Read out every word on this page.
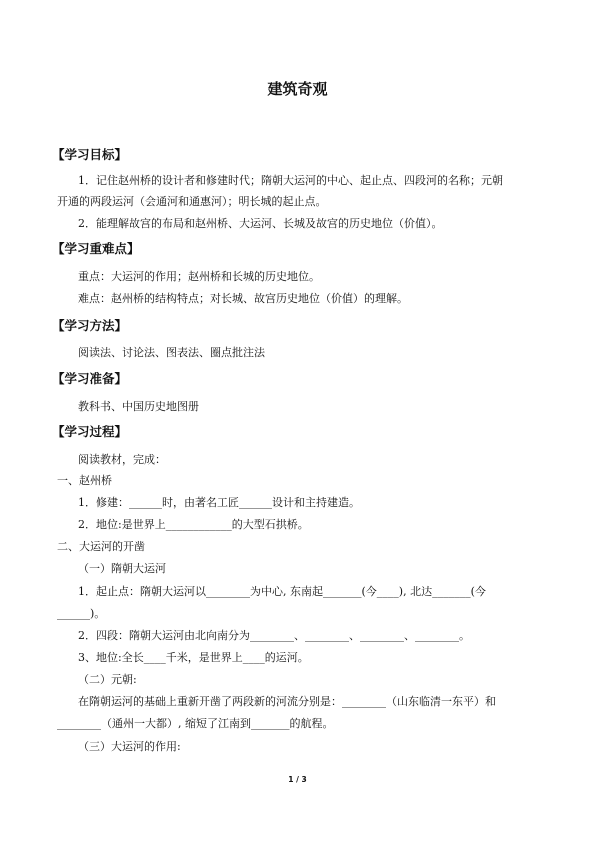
建筑奇观
【学习目标】
1．记住赵州桥的设计者和修建时代；隋朝大运河的中心、起止点、四段河的名称；元朝
开通的两段运河（会通河和通惠河）；明长城的起止点。
2．能理解故宫的布局和赵州桥、大运河、长城及故宫的历史地位（价值）。
【学习重难点】
重点：大运河的作用；赵州桥和长城的历史地位。
难点：赵州桥的结构特点；对长城、故宫历史地位（价值）的理解。
【学习方法】
阅读法、讨论法、图表法、圈点批注法
【学习准备】
教科书、中国历史地图册
【学习过程】
阅读教材，完成：
一、赵州桥
1．修建：______时，由著名工匠______设计和主持建造。
2．地位:是世界上____________的大型石拱桥。
二、大运河的开凿
（一）隋朝大运河
1．起止点：隋朝大运河以________为中心, 东南起_______(今____), 北达_______(今
______)。
2．四段：隋朝大运河由北向南分为________、________、________、________。
3、地位:全长____千米，是世界上____的运河。
（二）元朝:
在隋朝运河的基础上重新开凿了两段新的河流分别是：________（山东临清一东平）和
________（通州一大都）, 缩短了江南到_______的航程。
（三）大运河的作用:
1 / 3
